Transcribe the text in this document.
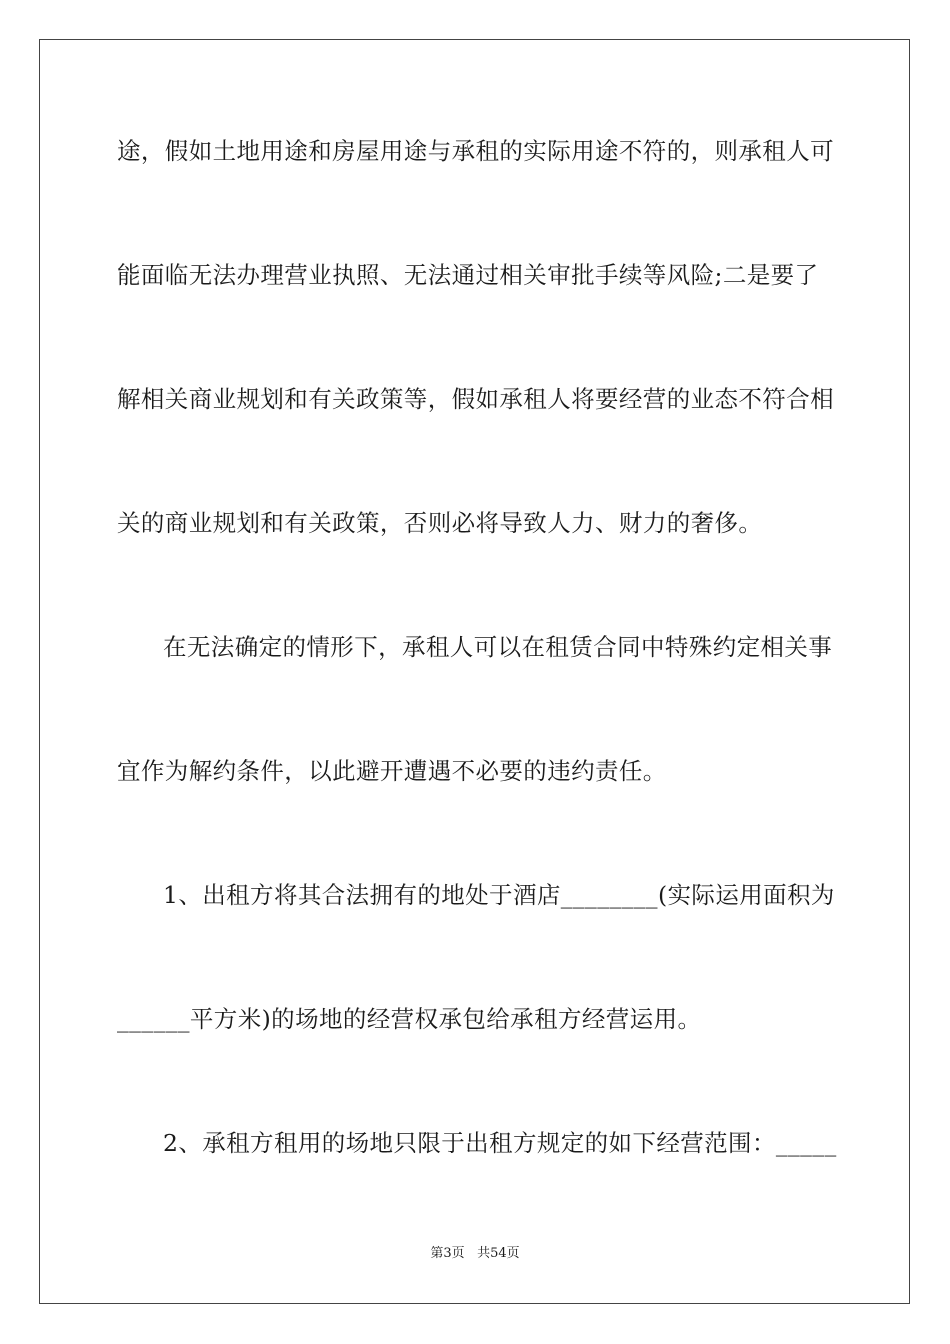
途，假如土地用途和房屋用途与承租的实际用途不符的，则承租人可
能面临无法办理营业执照、无法通过相关审批手续等风险;二是要了
解相关商业规划和有关政策等，假如承租人将要经营的业态不符合相
关的商业规划和有关政策，否则必将导致人力、财力的奢侈。
在无法确定的情形下，承租人可以在租赁合同中特殊约定相关事
宜作为解约条件，以此避开遭遇不必要的违约责任。
1、出租方将其合法拥有的地处于酒店________(实际运用面积为
______平方米)的场地的经营权承包给承租方经营运用。
2、承租方租用的场地只限于出租方规定的如下经营范围：_____
第3页 共54页
